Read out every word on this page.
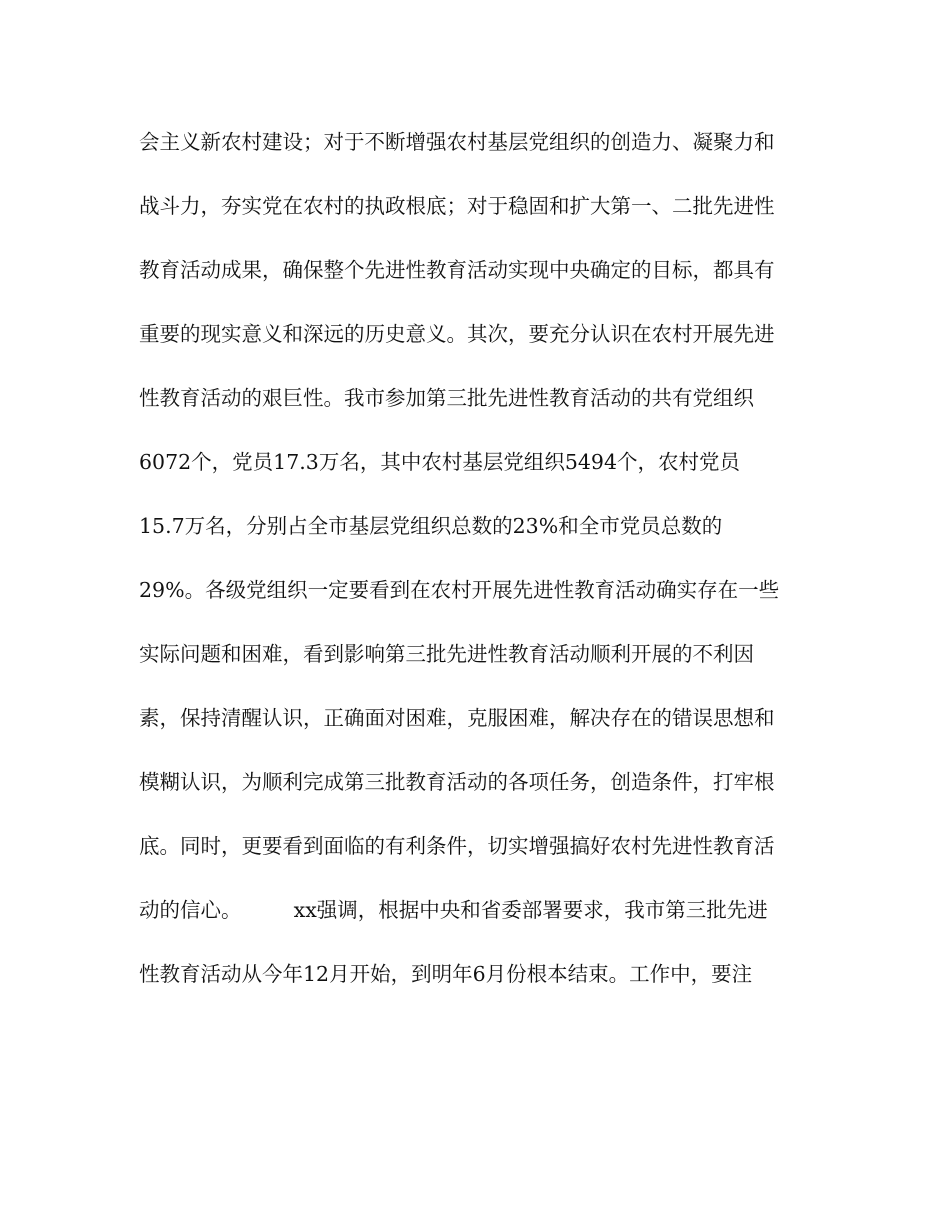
会主义新农村建设；对于不断增强农村基层党组织的创造力、凝聚力和
战斗力，夯实党在农村的执政根底；对于稳固和扩大第一、二批先进性
教育活动成果，确保整个先进性教育活动实现中央确定的目标，都具有
重要的现实意义和深远的历史意义。其次，要充分认识在农村开展先进
性教育活动的艰巨性。我市参加第三批先进性教育活动的共有党组织
6072个，党员17.3万名，其中农村基层党组织5494个，农村党员
15.7万名，分别占全市基层党组织总数的23%和全市党员总数的
29%。各级党组织一定要看到在农村开展先进性教育活动确实存在一些
实际问题和困难，看到影响第三批先进性教育活动顺利开展的不利因
素，保持清醒认识，正确面对困难，克服困难，解决存在的错误思想和
模糊认识，为顺利完成第三批教育活动的各项任务，创造条件，打牢根
底。同时，更要看到面临的有利条件，切实增强搞好农村先进性教育活
动的信心。        xx强调，根据中央和省委部署要求，我市第三批先进
性教育活动从今年12月开始，到明年6月份根本结束。工作中，要注
